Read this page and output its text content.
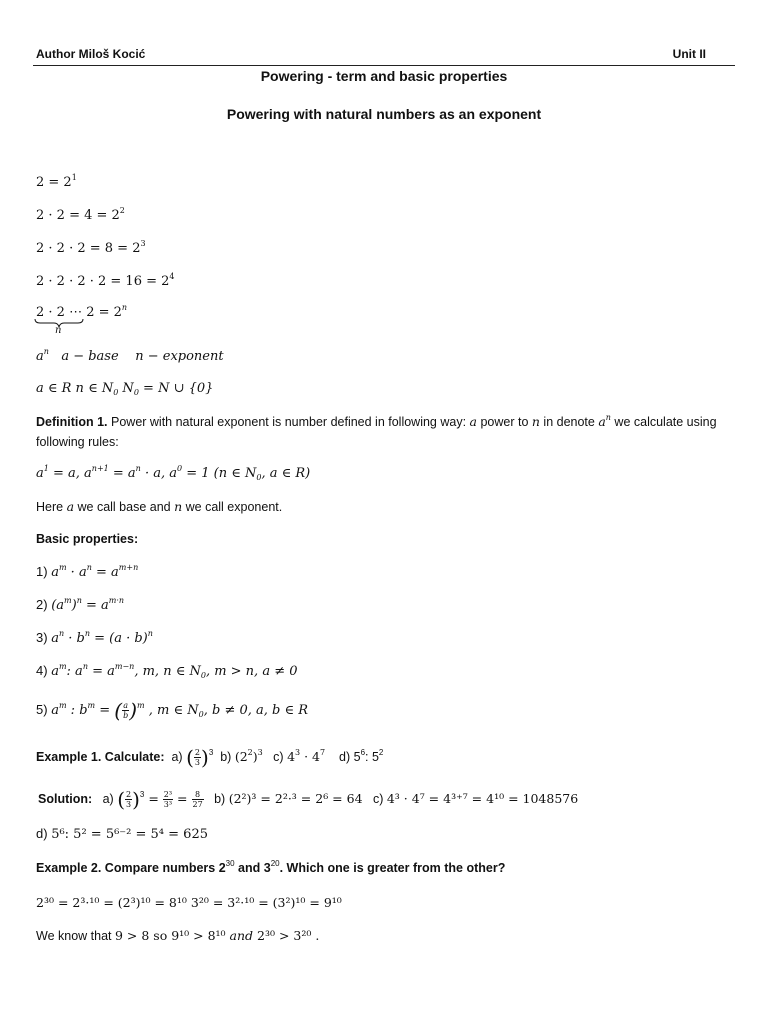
Author Miloš Kocić	Unit II
Powering - term and basic properties
Powering with natural numbers as an exponent
$2 = 2^1$
$2 \cdot 2 = 4 = 2^2$
$2 \cdot 2 \cdot 2 = 8 = 2^3$
$2 \cdot 2 \cdot 2 \cdot 2 = 16 = 2^4$
2 · 2 ⋯ $2 = 2^n$
n
$a^n$ a − base n − exponent
a ∈ R n ∈ $N_0$ $N_0 = N$ ∪ {0}
Definition 1. Power with natural exponent is number defined in following way: a power to n in denote $a^n$ we calculate using following rules:
$a^1 = a$, $a^{n+1} = a^n \cdot a$, $a^0 = 1$ (n ∈ $N_0$, a ∈ R)
Here a we call base and n we call exponent.
Basic properties:
1) $a^m \cdot a^n = a^{m+n}$
2) $(a^m)^n = a^{m\cdot n}$
3) $a^n \cdot b^n = (a \cdot b)^n$
4) $a^m$: $a^n = a^{m-n}$, m, n ∈ $N_0$, m > n, a ≠ 0
5) $a^m$ : $b^m$ = ( $\frac{a}{b} )^m$ , m ∈ $N_0$, b ≠ 0, a, b ∈ R
Example 1. Calculate: a) ( $\frac{2}{3} )^3$ b) $(2^2)^3$ c) $4^3 \cdot 4^7$ d) $5^6$: $5^2$
Solution: a) ( $\frac{2}{3} )^3 = \frac{\text{2³}}{\text{3³}} = \frac{8}{27} b$) (2²)³ = 2²·³ = 2⁶ = 64 c) 4³ · 4⁷ = 4³⁺⁷ = 4¹⁰ = 1048576
d) 5⁶: 5² = 5⁶⁻² = 5⁴ = 625
Example 2. Compare numbers $2^{30}$ and $3^{20}$. Which one is greater from the other?
2³⁰ = 2³·¹⁰ = (2³)¹⁰ = 8¹⁰ 3²⁰ = 3²·¹⁰ = (3²)¹⁰ = 9¹⁰
We know that 9 > 8 so 9¹⁰ > 8¹⁰ and 2³⁰ > 3²⁰ .
